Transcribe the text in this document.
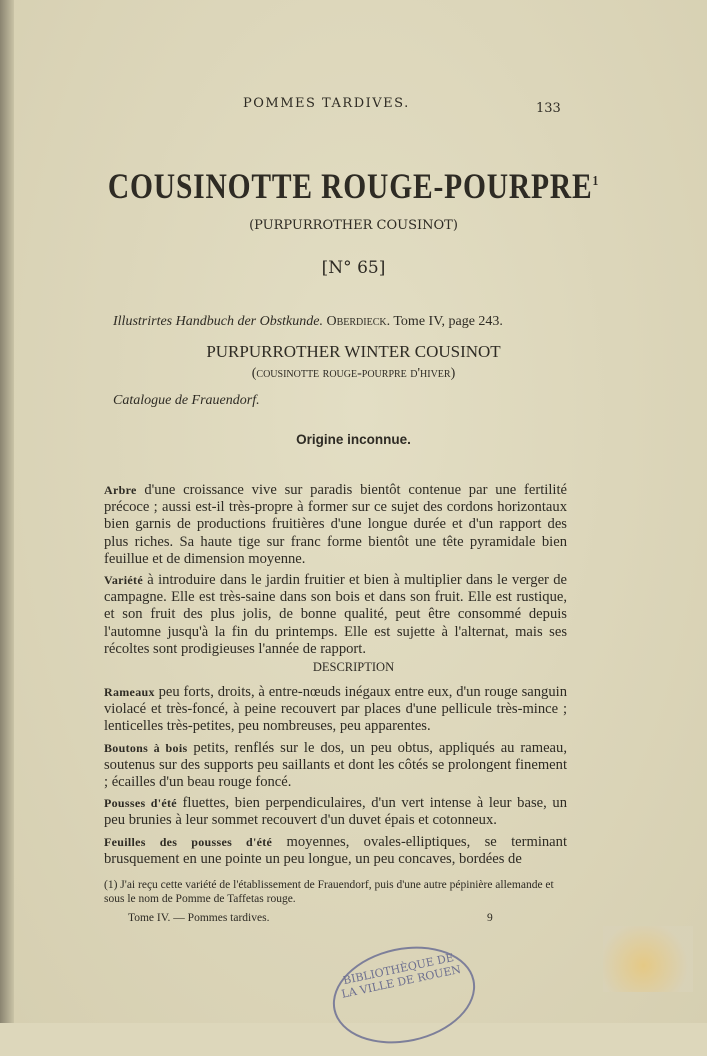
POMMES TARDIVES.	133
COUSINOTTE ROUGE-POURPRE$^1$
(PURPURROTHER COUSINOT)
[N° 65]
Illustrirtes Handbuch der Obstkunde. Oberdieck. Tome IV, page 243.
PURPURROTHER WINTER COUSINOT
(cousinotte rouge-pourpre d'hiver)
Catalogue de Frauendorf.
Origine inconnue.

Arbre d'une croissance vive sur paradis bientôt contenue par une fertilité précoce ; aussi est-il très-propre à former sur ce sujet des cordons horizontaux bien garnis de productions fruitières d'une longue durée et d'un rapport des plus riches. Sa haute tige sur franc forme bientôt une tête pyramidale bien feuillue et de dimension moyenne.

Variété à introduire dans le jardin fruitier et bien à multiplier dans le verger de campagne. Elle est très-saine dans son bois et dans son fruit. Elle est rustique, et son fruit des plus jolis, de bonne qualité, peut être consommé depuis l'automne jusqu'à la fin du printemps. Elle est sujette à l'alternat, mais ses récoltes sont prodigieuses l'année de rapport.

DESCRIPTION

Rameaux peu forts, droits, à entre-nœuds inégaux entre eux, d'un rouge sanguin violacé et très-foncé, à peine recouvert par places d'une pellicule très-mince ; lenticelles très-petites, peu nombreuses, peu apparentes.

Boutons à bois petits, renflés sur le dos, un peu obtus, appliqués au rameau, soutenus sur des supports peu saillants et dont les côtés se prolongent finement ; écailles d'un beau rouge foncé.

Pousses d'été fluettes, bien perpendiculaires, d'un vert intense à leur base, un peu brunies à leur sommet recouvert d'un duvet épais et cotonneux.

Feuilles des pousses d'été moyennes, ovales-elliptiques, se terminant brusquement en une pointe un peu longue, un peu concaves, bordées de

(1) J'ai reçu cette variété de l'établissement de Frauendorf, puis d'une autre pépinière allemande et sous le nom de Pomme de Taffetas rouge.
Tome IV. — Pommes tardives.	9
BIBLIOTHÈQUE DE LA VILLE DE ROUEN
